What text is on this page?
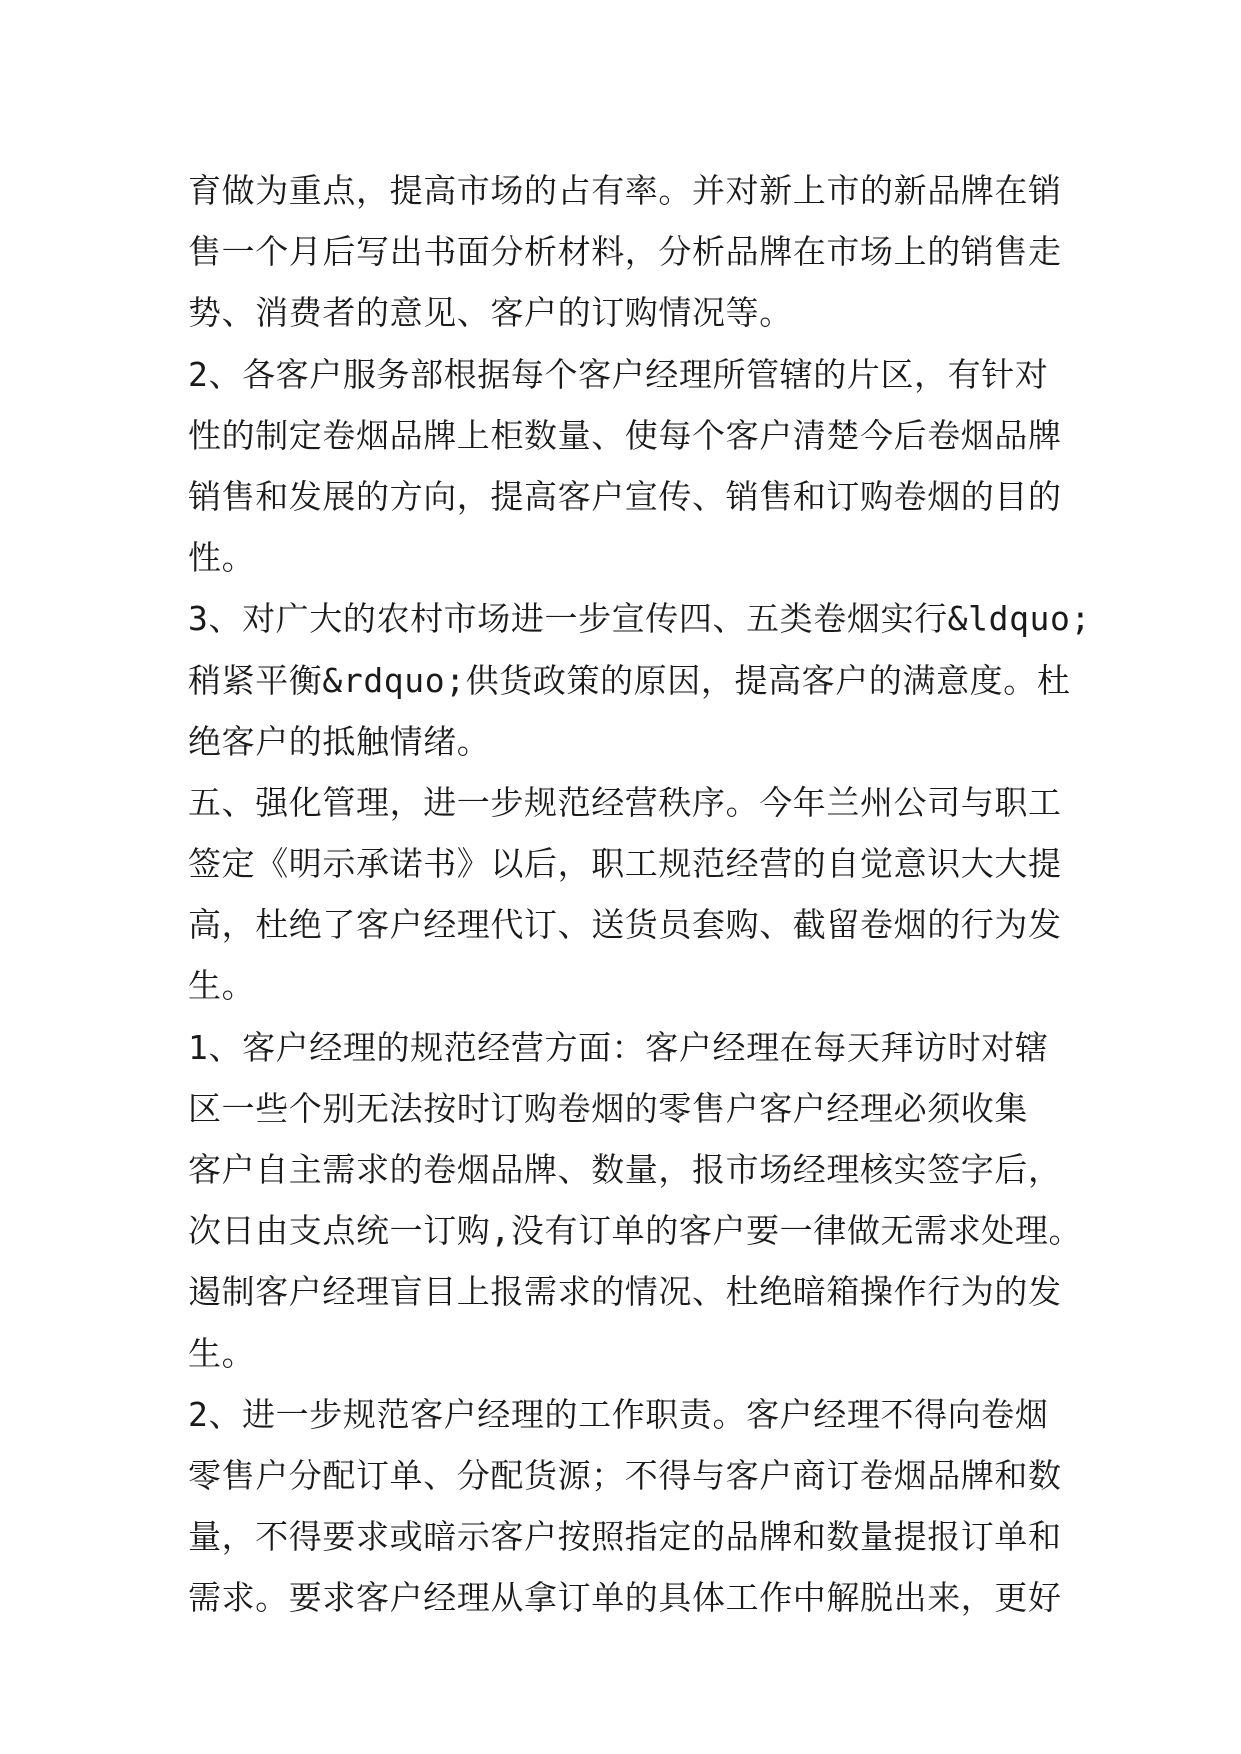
育做为重点，提高市场的占有率。并对新上市的新品牌在销
售一个月后写出书面分析材料，分析品牌在市场上的销售走
势、消费者的意见、客户的订购情况等。
2、各客户服务部根据每个客户经理所管辖的片区，有针对
性的制定卷烟品牌上柜数量、使每个客户清楚今后卷烟品牌
销售和发展的方向，提高客户宣传、销售和订购卷烟的目的
性。
3、对广大的农村市场进一步宣传四、五类卷烟实行&ldquo;
稍紧平衡&rdquo;供货政策的原因，提高客户的满意度。杜
绝客户的抵触情绪。
五、强化管理，进一步规范经营秩序。今年兰州公司与职工
签定《明示承诺书》以后，职工规范经营的自觉意识大大提
高，杜绝了客户经理代订、送货员套购、截留卷烟的行为发
生。
1、客户经理的规范经营方面：客户经理在每天拜访时对辖
区一些个别无法按时订购卷烟的零售户客户经理必须收集
客户自主需求的卷烟品牌、数量，报市场经理核实签字后，
次日由支点统一订购,没有订单的客户要一律做无需求处理。
遏制客户经理盲目上报需求的情况、杜绝暗箱操作行为的发
生。
2、进一步规范客户经理的工作职责。客户经理不得向卷烟
零售户分配订单、分配货源；不得与客户商订卷烟品牌和数
量，不得要求或暗示客户按照指定的品牌和数量提报订单和
需求。要求客户经理从拿订单的具体工作中解脱出来，更好
